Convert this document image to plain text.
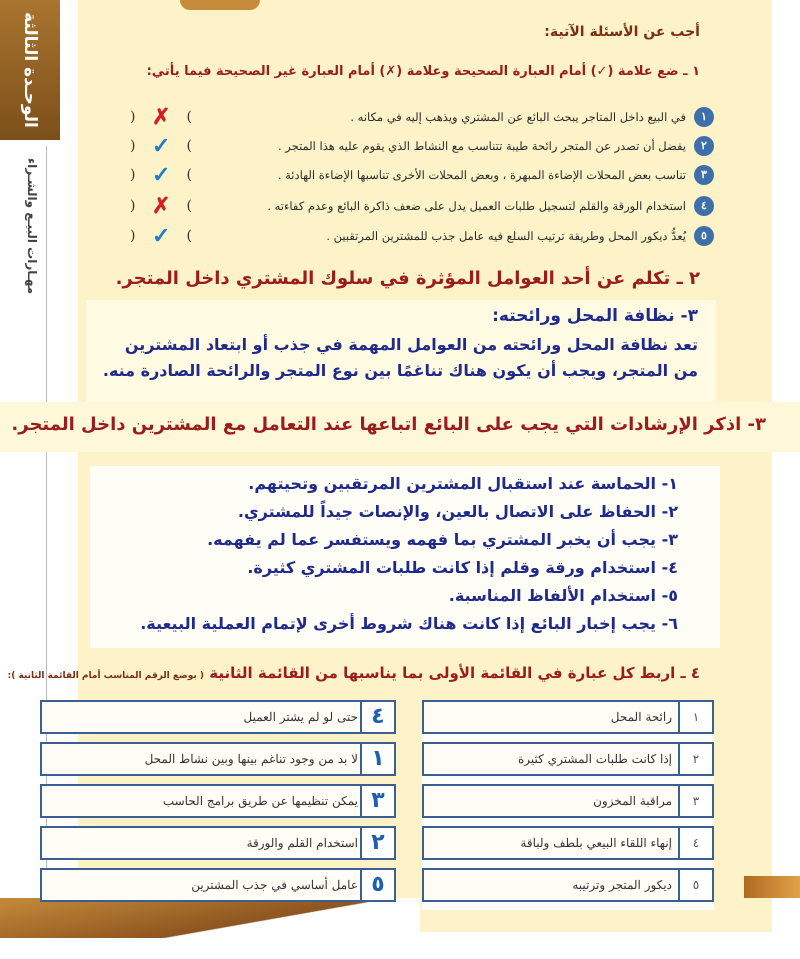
الوحـدة الثالثة
مهـارات البيـع والشـراء
أجب عن الأسئلة الآتية:
١ ـ ضع علامة (✓) أمام العبارة الصحيحة وعلامة (✗) أمام العبارة غير الصحيحة فيما يأتي:
١
في البيع داخل المتاجر يبحث البائع عن المشتري ويذهب إليه في مكانه .
( ✗ )
٢
يفضل أن تصدر عن المتجر رائحة طيبة تتناسب مع النشاط الذي يقوم عليه هذا المتجر .
( ✓ )
٣
تناسب بعض المحلات الإضاءة المبهرة ، وبعض المحلات الأخرى تناسبها الإضاءة الهادئة .
( ✓ )
٤
استخدام الورقة والقلم لتسجيل طلبات العميل يدل على ضعف ذاكرة البائع وعدم كفاءته .
( ✗ )
٥
يُعدُّ ديكور المحل وطريقة ترتيب السلع فيه عامل جذب للمشترين المرتقبين .
( ✓ )
٢ ـ تكلم عن أحد العوامل المؤثرة في سلوك المشتري داخل المتجر.
٣- نظافة المحل ورائحته:
تعد نظافة المحل ورائحته من العوامل المهمة في جذب أو ابتعاد المشترين من المتجر، ويجب أن يكون هناك تناغمًا بين نوع المتجر والرائحة الصادرة منه.
٣- اذكر الإرشادات التي يجب على البائع اتباعها عند التعامل مع المشترين داخل المتجر.
١- الحماسة عند استقبال المشترين المرتقبين وتحيتهم.
٢- الحفاظ على الاتصال بالعين، والإنصات جيداً للمشتري.
٣- يجب أن يخبر المشتري بما فهمه ويستفسر عما لم يفهمه.
٤- استخدام ورقة وقلم إذا كانت طلبات المشتري كثيرة.
٥- استخدام الألفاظ المناسبة.
٦- يجب إخبار البائع إذا كانت هناك شروط أخرى لإتمام العملية البيعية.
٤ ـ اربط كل عبارة في القائمة الأولى بما يناسبها من القائمة الثانية ( بوضع الرقم المناسب أمام القائمة الثانية ):
١
رائحة المحل
٢
إذا كانت طلبات المشتري كثيرة
٣
مراقبة المخزون
٤
إنهاء اللقاء البيعي بلطف ولباقة
٥
ديكور المتجر وترتيبه
حتى لو لم يشتر العميل ٤
لا بد من وجود تناغم بينها وبين نشاط المحل ١
يمكن تنظيمها عن طريق برامج الحاسب ٣
استخدام القلم والورقة ٢
عامل أساسي في جذب المشترين ٥
